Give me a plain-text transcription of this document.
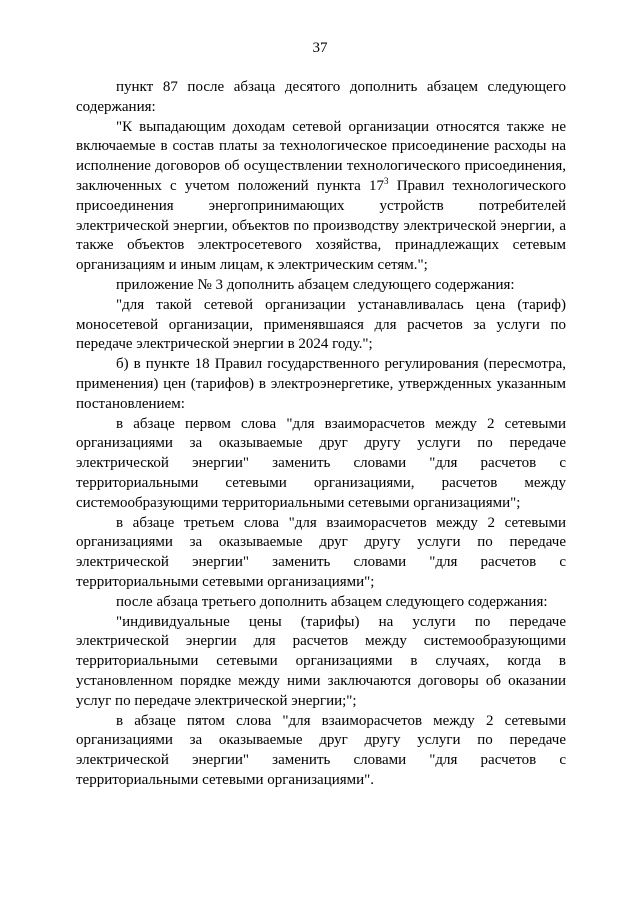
37

пункт 87 после абзаца десятого дополнить абзацем следующего содержания:

"К выпадающим доходам сетевой организации относятся также не включаемые в состав платы за технологическое присоединение расходы на исполнение договоров об осуществлении технологического присоединения, заключенных с учетом положений пункта $17^3$ Правил технологического присоединения энергопринимающих устройств потребителей электрической энергии, объектов по производству электрической энергии, а также объектов электросетевого хозяйства, принадлежащих сетевым организациям и иным лицам, к электрическим сетям.";

приложение № 3 дополнить абзацем следующего содержания:

"для такой сетевой организации устанавливалась цена (тариф) моносетевой организации, применявшаяся для расчетов за услуги по передаче электрической энергии в 2024 году.";

б) в пункте 18 Правил государственного регулирования (пересмотра, применения) цен (тарифов) в электроэнергетике, утвержденных указанным постановлением:

в абзаце первом слова "для взаиморасчетов между 2 сетевыми организациями за оказываемые друг другу услуги по передаче электрической энергии" заменить словами "для расчетов с территориальными сетевыми организациями, расчетов между системообразующими территориальными сетевыми организациями";

в абзаце третьем слова "для взаиморасчетов между 2 сетевыми организациями за оказываемые друг другу услуги по передаче электрической энергии" заменить словами "для расчетов с территориальными сетевыми организациями";

после абзаца третьего дополнить абзацем следующего содержания:

"индивидуальные цены (тарифы) на услуги по передаче электрической энергии для расчетов между системообразующими территориальными сетевыми организациями в случаях, когда в установленном порядке между ними заключаются договоры об оказании услуг по передаче электрической энергии;";

в абзаце пятом слова "для взаиморасчетов между 2 сетевыми организациями за оказываемые друг другу услуги по передаче электрической энергии" заменить словами "для расчетов с территориальными сетевыми организациями".
